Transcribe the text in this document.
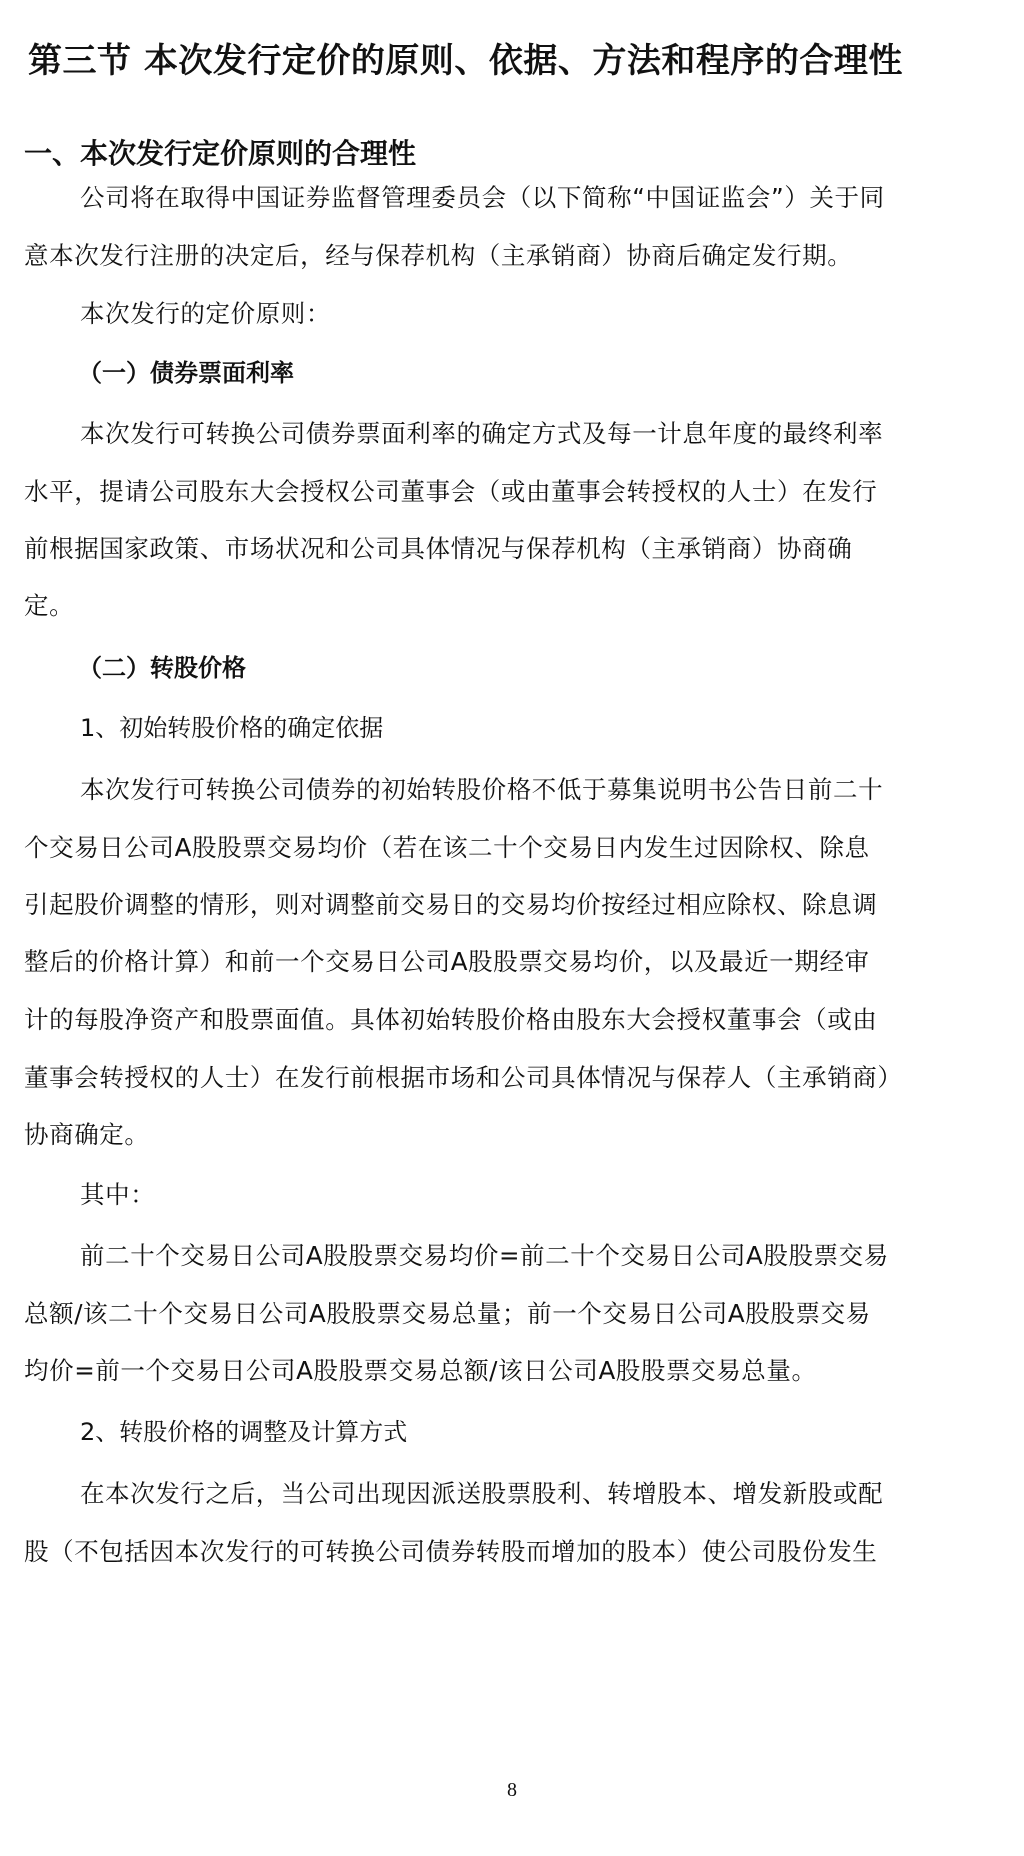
第三节 本次发行定价的原则、依据、方法和程序的合理性
一、本次发行定价原则的合理性
公司将在取得中国证券监督管理委员会（以下简称“中国证监会”）关于同
意本次发行注册的决定后，经与保荐机构（主承销商）协商后确定发行期。
本次发行的定价原则：
（一）债券票面利率
本次发行可转换公司债券票面利率的确定方式及每一计息年度的最终利率
水平，提请公司股东大会授权公司董事会（或由董事会转授权的人士）在发行
前根据国家政策、市场状况和公司具体情况与保荐机构（主承销商）协商确
定。
（二）转股价格
1、初始转股价格的确定依据
本次发行可转换公司债券的初始转股价格不低于募集说明书公告日前二十
个交易日公司A股股票交易均价（若在该二十个交易日内发生过因除权、除息
引起股价调整的情形，则对调整前交易日的交易均价按经过相应除权、除息调
整后的价格计算）和前一个交易日公司A股股票交易均价，以及最近一期经审
计的每股净资产和股票面值。具体初始转股价格由股东大会授权董事会（或由
董事会转授权的人士）在发行前根据市场和公司具体情况与保荐人（主承销商）
协商确定。
其中：
前二十个交易日公司A股股票交易均价=前二十个交易日公司A股股票交易
总额/该二十个交易日公司A股股票交易总量；前一个交易日公司A股股票交易
均价=前一个交易日公司A股股票交易总额/该日公司A股股票交易总量。
2、转股价格的调整及计算方式
在本次发行之后，当公司出现因派送股票股利、转增股本、增发新股或配
股（不包括因本次发行的可转换公司债券转股而增加的股本）使公司股份发生
8
